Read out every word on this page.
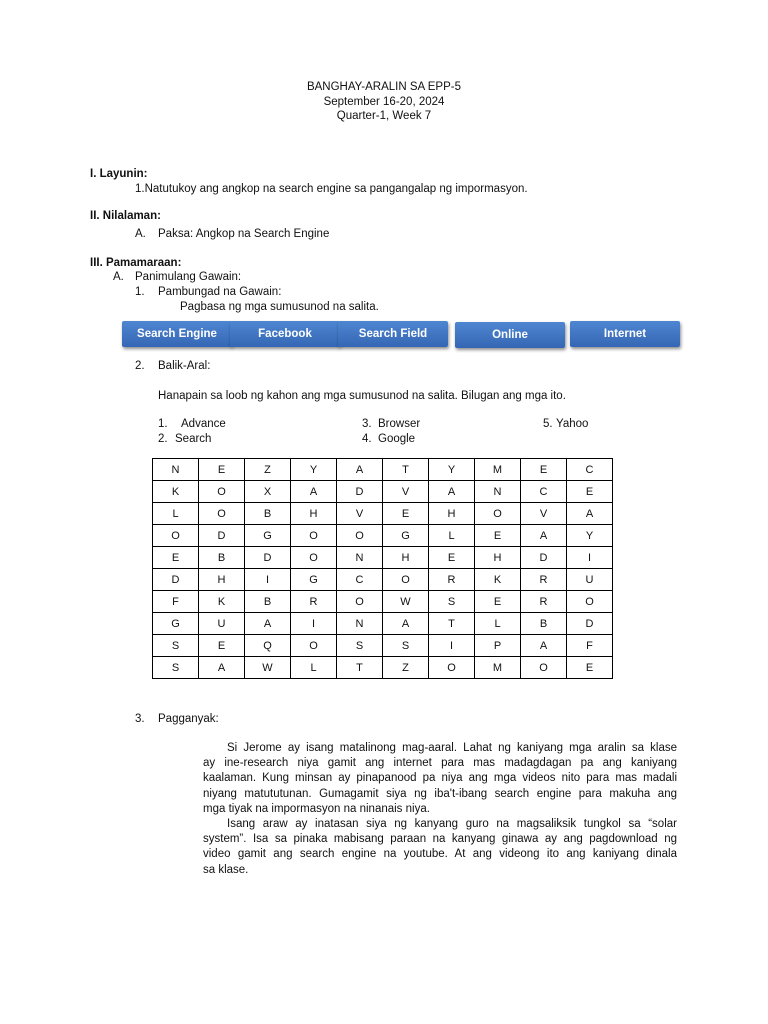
BANGHAY-ARALIN SA EPP-5
September 16-20, 2024
Quarter-1, Week 7
I. Layunin:
1.Natutukoy ang angkop na search engine sa pangangalap ng impormasyon.
II. Nilalaman:
A. Paksa: Angkop na Search Engine
III. Pamamaraan:
A. Panimulang Gawain:
1. Pambungad na Gawain:
Pagbasa ng mga sumusunod na salita.
Search Engine	Facebook	Search Field	Online	Internet
2. Balik-Aral:
Hanapain sa loob ng kahon ang mga sumusunod na salita. Bilugan ang mga ito.
1. Advance
2. Search
3. Browser
4. Google
5. Yahoo
N	E	Z	Y	A	T	Y	M	E	C
K	O	X	A	D	V	A	N	C	E
L	O	B	H	V	E	H	O	V	A
O	D	G	O	O	G	L	E	A	Y
E	B	D	O	N	H	E	H	D	I
D	H	I	G	C	O	R	K	R	U
F	K	B	R	O	W	S	E	R	O
G	U	A	I	N	A	T	L	B	D
S	E	Q	O	S	S	I	P	A	F
S	A	W	L	T	Z	O	M	O	E
3. Pagganyak:
Si Jerome ay isang matalinong mag-aaral. Lahat ng kaniyang mga aralin sa klase
ay ine-research niya gamit ang internet para mas madagdagan pa ang kaniyang
kaalaman. Kung minsan ay pinapanood pa niya ang mga videos nito para mas madali
niyang matututunan. Gumagamit siya ng iba't-ibang search engine para makuha ang
mga tiyak na impormasyon na ninanais niya.
Isang araw ay inatasan siya ng kanyang guro na magsaliksik tungkol sa “solar
system”. Isa sa pinaka mabisang paraan na kanyang ginawa ay ang pagdownload ng
video gamit ang search engine na youtube. At ang videong ito ang kaniyang dinala
sa klase.
